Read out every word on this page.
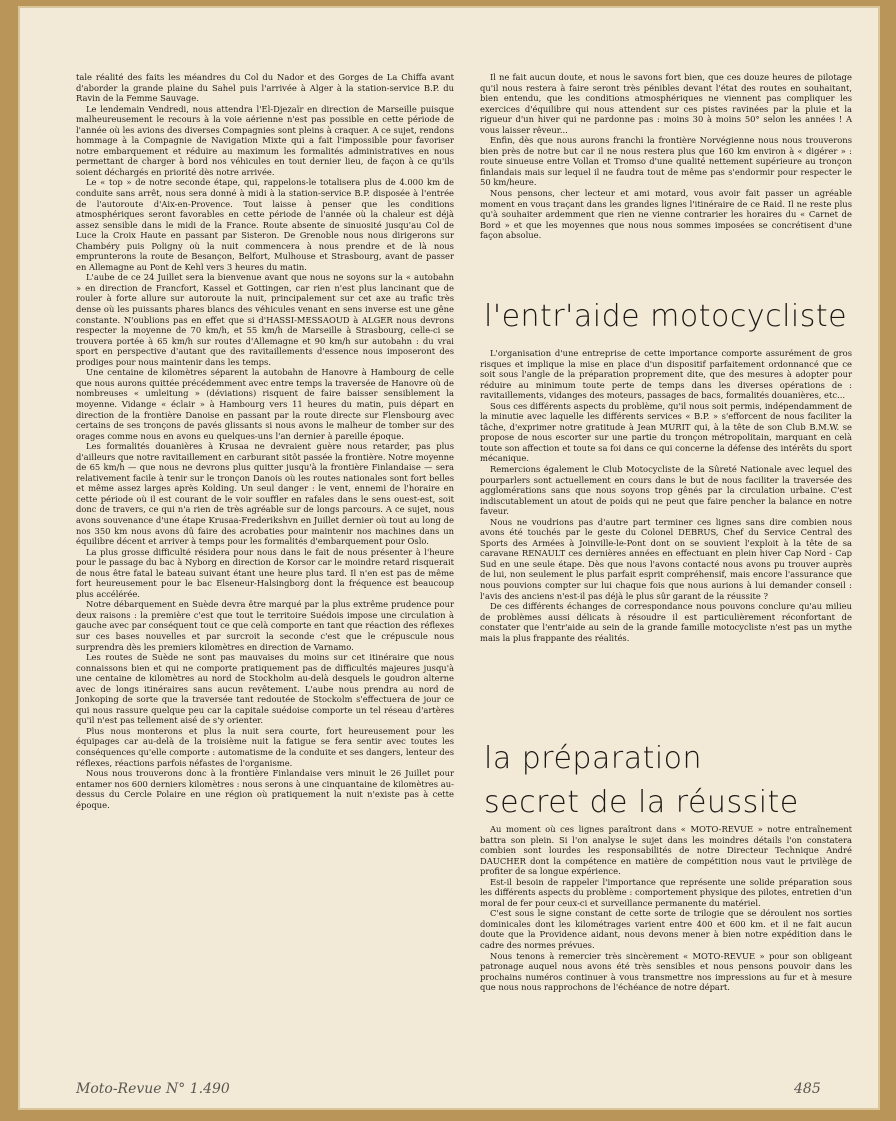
tale réalité des faits les méandres du Col du Nador et des Gorges de La Chiffa avant d'aborder la grande plaine du Sahel puis l'arrivée à Alger à la station-service B.P. du Ravin de la Femme Sauvage.

Le lendemain Vendredi, nous attendra l'El-Djezaïr en direction de Marseille puisque malheureusement le recours à la voie aérienne n'est pas possible en cette période de l'année où les avions des diverses Compagnies sont pleins à craquer. A ce sujet, rendons hommage à la Compagnie de Navigation Mixte qui a fait l'impossible pour favoriser notre embarquement et réduire au maximum les formalités administratives en nous permettant de charger à bord nos véhicules en tout dernier lieu, de façon à ce qu'ils soient déchargés en priorité dès notre arrivée.

Le « top » de notre seconde étape, qui, rappelons-le totalisera plus de 4.000 km de conduite sans arrêt, nous sera donné à midi à la station-service B.P. disposée à l'entrée de l'autoroute d'Aix-en-Provence. Tout laisse à penser que les conditions atmosphériques seront favorables en cette période de l'année où la chaleur est déjà assez sensible dans le midi de la France. Route absente de sinuosité jusqu'au Col de Luce la Croix Haute en passant par Sisteron. De Grenoble nous nous dirigerons sur Chambéry puis Poligny où la nuit commencera à nous prendre et de là nous emprunterons la route de Besançon, Belfort, Mulhouse et Strasbourg, avant de passer en Allemagne au Pont de Kehl vers 3 heures du matin.

L'aube de ce 24 Juillet sera la bienvenue avant que nous ne soyons sur la « autobahn » en direction de Francfort, Kassel et Gottingen, car rien n'est plus lancinant que de rouler à forte allure sur autoroute la nuit, principalement sur cet axe au trafic très dense où les puissants phares blancs des véhicules venant en sens inverse est une gêne constante. N'oublions pas en effet que si d'HASSI-MESSAOUD à ALGER nous devrons respecter la moyenne de 70 km/h, et 55 km/h de Marseille à Strasbourg, celle-ci se trouvera portée à 65 km/h sur routes d'Allemagne et 90 km/h sur autobahn : du vrai sport en perspective d'autant que des ravitaillements d'essence nous imposeront des prodiges pour nous maintenir dans les temps.

Une centaine de kilomètres séparent la autobahn de Hanovre à Hambourg de celle que nous aurons quittée précédemment avec entre temps la traversée de Hanovre où de nombreuses « umleitung » (déviations) risquent de faire baisser sensiblement la moyenne. Vidange « éclair » à Hambourg vers 11 heures du matin, puis départ en direction de la frontière Danoise en passant par la route directe sur Flensbourg avec certains de ses tronçons de pavés glissants si nous avons le malheur de tomber sur des orages comme nous en avons eu quelques-uns l'an dernier à pareille époque.

Les formalités douanières à Krusaa ne devraient guère nous retarder, pas plus d'ailleurs que notre ravitaillement en carburant sitôt passée la frontière. Notre moyenne de 65 km/h — que nous ne devrons plus quitter jusqu'à la frontière Finlandaise — sera relativement facile à tenir sur le tronçon Danois où les routes nationales sont fort belles et même assez larges après Kolding. Un seul danger : le vent, ennemi de l'horaire en cette période où il est courant de le voir souffler en rafales dans le sens ouest-est, soit donc de travers, ce qui n'a rien de très agréable sur de longs parcours. A ce sujet, nous avons souvenance d'une étape Krusaa-Frederikshvn en Juillet dernier où tout au long de nos 350 km nous avons dû faire des acrobaties pour maintenir nos machines dans un équilibre décent et arriver à temps pour les formalités d'embarquement pour Oslo.

La plus grosse difficulté résidera pour nous dans le fait de nous présenter à l'heure pour le passage du bac à Nyborg en direction de Korsor car le moindre retard risquerait de nous être fatal le bateau suivant étant une heure plus tard. Il n'en est pas de même fort heureusement pour le bac Elseneur-Halsingborg dont la fréquence est beaucoup plus accélérée.

Notre débarquement en Suède devra être marqué par la plus extrême prudence pour deux raisons : la première c'est que tout le territoire Suédois impose une circulation à gauche avec par conséquent tout ce que celà comporte en tant que réaction des réflexes sur ces bases nouvelles et par surcroit la seconde c'est que le crépuscule nous surprendra dès les premiers kilomètres en direction de Varnamo.

Les routes de Suède ne sont pas mauvaises du moins sur cet itinéraire que nous connaissons bien et qui ne comporte pratiquement pas de difficultés majeures jusqu'à une centaine de kilomètres au nord de Stockholm au-delà desquels le goudron alterne avec de longs itinéraires sans aucun revêtement. L'aube nous prendra au nord de Jonkoping de sorte que la traversée tant redoutée de Stockolm s'effectuera de jour ce qui nous rassure quelque peu car la capitale suédoise comporte un tel réseau d'artères qu'il n'est pas tellement aisé de s'y orienter.

Plus nous monterons et plus la nuit sera courte, fort heureusement pour les équipages car au-delà de la troisième nuit la fatigue se fera sentir avec toutes les conséquences qu'elle comporte : automatisme de la conduite et ses dangers, lenteur des réflexes, réactions parfois néfastes de l'organisme.

Nous nous trouverons donc à la frontière Finlandaise vers minuit le 26 Juillet pour entamer nos 600 derniers kilomètres : nous serons à une cinquantaine de kilomètres au-dessus du Cercle Polaire en une région où pratiquement la nuit n'existe pas à cette époque.

Il ne fait aucun doute, et nous le savons fort bien, que ces douze heures de pilotage qu'il nous restera à faire seront très pénibles devant l'état des routes en souhaitant, bien entendu, que les conditions atmosphériques ne viennent pas compliquer les exercices d'équilibre qui nous attendent sur ces pistes ravinées par la pluie et la rigueur d'un hiver qui ne pardonne pas : moins 30 à moins 50° selon les années ! A vous laisser rêveur...

Enfin, dès que nous aurons franchi la frontière Norvégienne nous nous trouverons bien près de notre but car il ne nous restera plus que 160 km environ à « digérer » : route sinueuse entre Vollan et Tromso d'une qualité nettement supérieure au tronçon finlandais mais sur lequel il ne faudra tout de même pas s'endormir pour respecter le 50 km/heure.

Nous pensons, cher lecteur et ami motard, vous avoir fait passer un agréable moment en vous traçant dans les grandes lignes l'itinéraire de ce Raid. Il ne reste plus qu'à souhaiter ardemment que rien ne vienne contrarier les horaires du « Carnet de Bord » et que les moyennes que nous nous sommes imposées se concrétisent d'une façon absolue.

l'entr'aide motocycliste

L'organisation d'une entreprise de cette importance comporte assurément de gros risques et implique la mise en place d'un dispositif parfaitement ordonnancé que ce soit sous l'angle de la préparation proprement dite, que des mesures à adopter pour réduire au minimum toute perte de temps dans les diverses opérations de : ravitaillements, vidanges des moteurs, passages de bacs, formalités douanières, etc...

Sous ces différents aspects du problème, qu'il nous soit permis, indépendamment de la minutie avec laquelle les différents services « B.P. » s'efforcent de nous faciliter la tâche, d'exprimer notre gratitude à Jean MURIT qui, à la tête de son Club B.M.W. se propose de nous escorter sur une partie du tronçon métropolitain, marquant en celà toute son affection et toute sa foi dans ce qui concerne la défense des intérêts du sport mécanique.

Remercions également le Club Motocycliste de la Sûreté Nationale avec lequel des pourparlers sont actuellement en cours dans le but de nous faciliter la traversée des agglomérations sans que nous soyons trop gênés par la circulation urbaine. C'est indiscutablement un atout de poids qui ne peut que faire pencher la balance en notre faveur.

Nous ne voudrions pas d'autre part terminer ces lignes sans dire combien nous avons été touchés par le geste du Colonel DEBRUS, Chef du Service Central des Sports des Armées à Joinville-le-Pont dont on se souvient l'exploit à la tête de sa caravane RENAULT ces dernières années en effectuant en plein hiver Cap Nord - Cap Sud en une seule étape. Dès que nous l'avons contacté nous avons pu trouver auprès de lui, non seulement le plus parfait esprit compréhensif, mais encore l'assurance que nous pouvions compter sur lui chaque fois que nous aurions à lui demander conseil : l'avis des anciens n'est-il pas déjà le plus sûr garant de la réussite ?

De ces différents échanges de correspondance nous pouvons conclure qu'au milieu de problèmes aussi délicats à résoudre il est particulièrement réconfortant de constater que l'entr'aide au sein de la grande famille motocycliste n'est pas un mythe mais la plus frappante des réalités.

la préparation
secret de la réussite

Au moment où ces lignes paraîtront dans « MOTO-REVUE » notre entraînement battra son plein. Si l'on analyse le sujet dans les moindres détails l'on constatera combien sont lourdes les responsabilités de notre Directeur Technique André DAUCHER dont la compétence en matière de compétition nous vaut le privilège de profiter de sa longue expérience.

Est-il besoin de rappeler l'importance que représente une solide préparation sous les différents aspects du problème : comportement physique des pilotes, entretien d'un moral de fer pour ceux-ci et surveillance permanente du matériel.

C'est sous le signe constant de cette sorte de trilogie que se déroulent nos sorties dominicales dont les kilométrages varient entre 400 et 600 km. et il ne fait aucun doute que la Providence aidant, nous devons mener à bien notre expédition dans le cadre des normes prévues.

Nous tenons à remercier très sincèrement « MOTO-REVUE » pour son obligeant patronage auquel nous avons été très sensibles et nous pensons pouvoir dans les prochains numéros continuer à vous transmettre nos impressions au fur et à mesure que nous nous rapprochons de l'échéance de notre départ.

Moto-Revue N° 1.490	485
